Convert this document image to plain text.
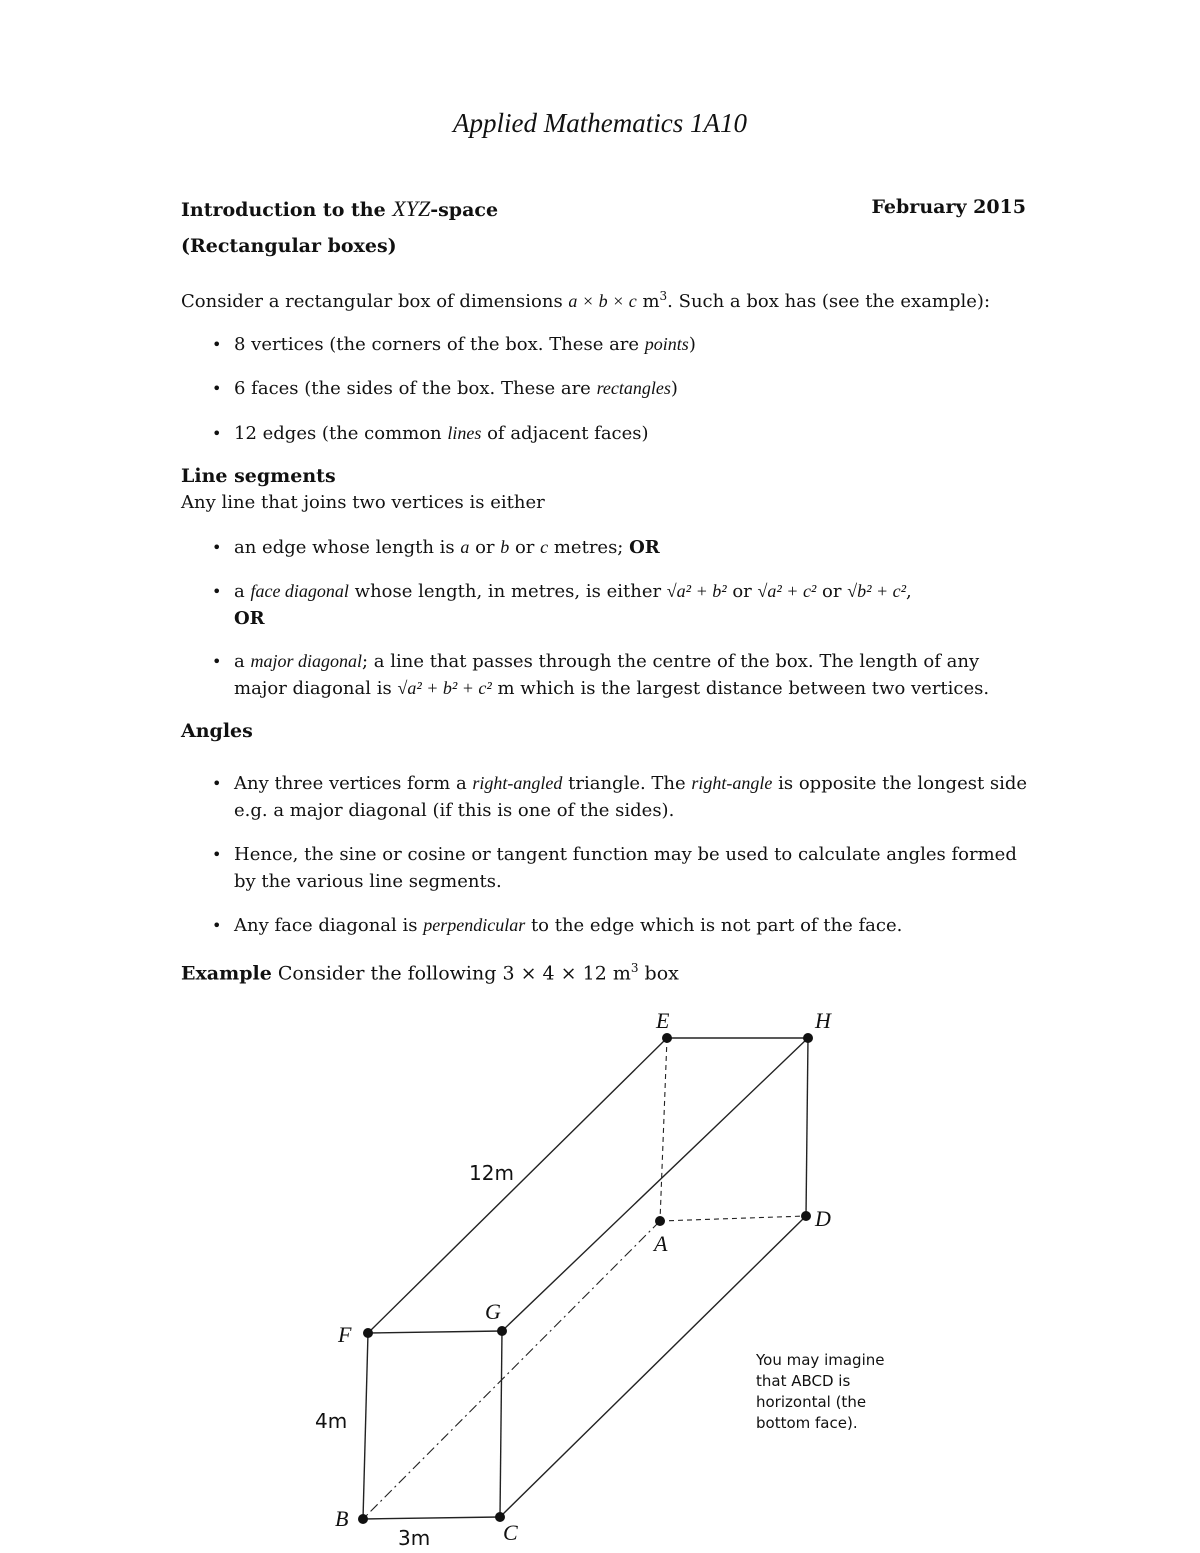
Applied Mathematics 1A10
Introduction to the XYZ-space	February 2015
(Rectangular boxes)
Consider a rectangular box of dimensions a × b × c $m^3$. Such a box has (see the example):
• 8 vertices (the corners of the box. These are points)
• 6 faces (the sides of the box. These are rectangles)
• 12 edges (the common lines of adjacent faces)
Line segments
Any line that joins two vertices is either
• an edge whose length is a or b or c metres; OR
• a face diagonal whose length, in metres, is either √a² + b² or √a² + c² or √b² + c²,
OR
• a major diagonal; a line that passes through the centre of the box. The length of any major diagonal is √a² + b² + c² m which is the largest distance between two vertices.
Angles
• Any three vertices form a right-angled triangle. The right-angle is opposite the longest side e.g. a major diagonal (if this is one of the sides).
• Hence, the sine or cosine or tangent function may be used to calculate angles formed by the various line segments.
• Any face diagonal is perpendicular to the edge which is not part of the face.
Example Consider the following 3 × 4 × 12 $m^3$ box
A
B
C
D
E
F
G
H
12m
4m
3m
You may imagine that ABCD is horizontal (the bottom face).
